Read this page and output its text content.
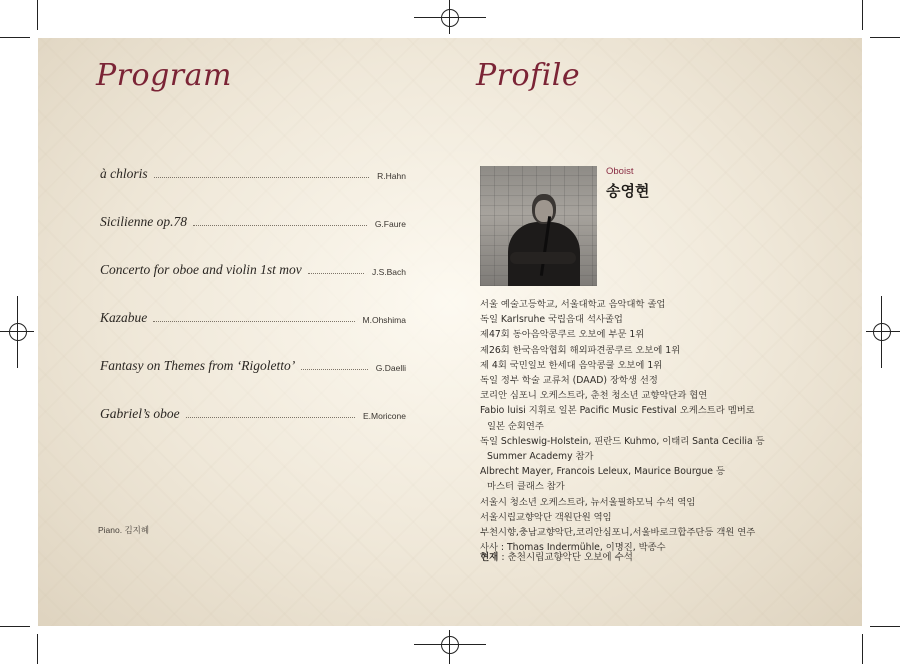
Program
à chloris	R.Hahn
Sicilienne op.78	G.Faure
Concerto for oboe and violin 1st mov	J.S.Bach
Kazabue	M.Ohshima
Fantasy on Themes from ‘Rigoletto’	G.Daelli
Gabriel’s oboe	E.Moricone
Piano. 김지혜
Profile
Oboist
송영현
서울 예술고등학교, 서울대학교 음악대학 졸업
독일 Karlsruhe 국립음대 석사졸업
제47회 동아음악콩쿠르 오보에 부문 1위
제26회 한국음악협회 해외파견콩쿠르 오보에 1위
제 4회 국민일보 한세대 음악콩쿨 오보에 1위
독일 정부 학술 교류처 (DAAD) 장학생 선정
코리안 심포니 오케스트라, 춘천 청소년 교향악단과 협연
Fabio luisi 지휘로 일본 Pacific Music Festival 오케스트라 멤버로
일본 순회연주
독일 Schleswig-Holstein, 핀란드 Kuhmo, 이태리 Santa Cecilia 등
Summer Academy 참가
Albrecht Mayer, Francois Leleux, Maurice Bourgue 등
마스터 클래스 참가
서울시 청소년 오케스트라, 뉴서울필하모닉 수석 역임
서울시립교향악단 객원단원 역임
부천시향,충남교향악단,코리안심포니,서울바로크합주단등 객원 연주
사사 : Thomas Indermühle, 이명진, 박종수
현재 : 춘천시립교향악단 오보에 수석
